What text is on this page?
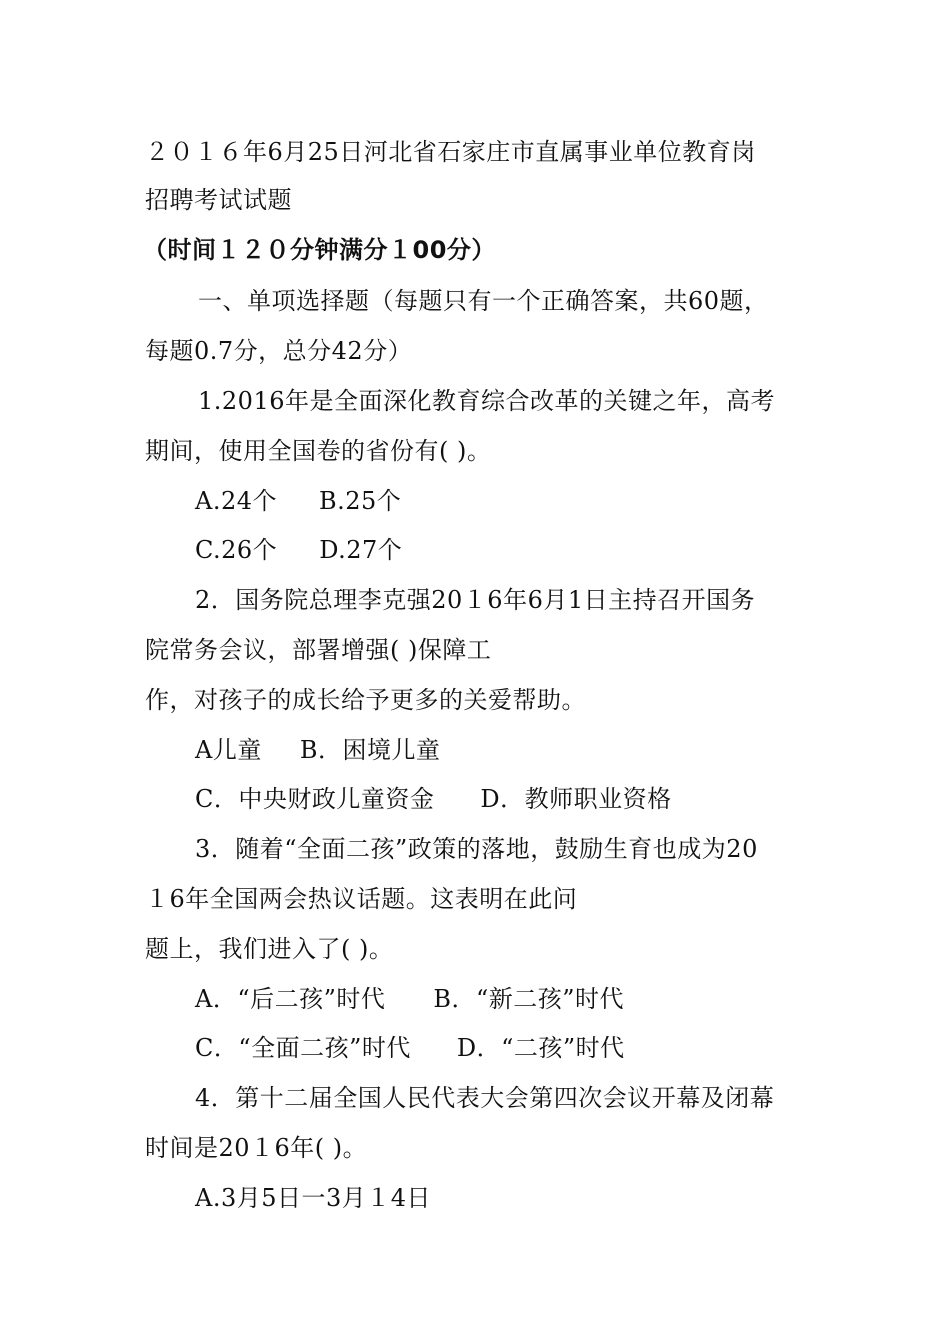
２０１６年6月25日河北省石家庄市直属事业单位教育岗
招聘考试试题
（时间１２０分钟满分１00分）
一、单项选择题（每题只有一个正确答案，共60题，
每题0.7分，总分42分）
1.2016年是全面深化教育综合改革的关键之年，高考
期间，使用全国卷的省份有( )。
A.24个 B.25个
C.26个 D.27个
2．国务院总理李克强20１6年6月1日主持召开国务
院常务会议，部署增强( )保障工
作，对孩子的成长给予更多的关爱帮助。
A儿童 B．困境儿童
C．中央财政儿童资金 D．教师职业资格
3．随着“全面二孩”政策的落地，鼓励生育也成为20
１6年全国两会热议话题。这表明在此问
题上，我们进入了( )。
A．“后二孩”时代 B．“新二孩”时代
C．“全面二孩”时代 D．“二孩”时代
4．第十二届全国人民代表大会第四次会议开幕及闭幕
时间是20１6年( )。
A.3月5日一3月１4日
